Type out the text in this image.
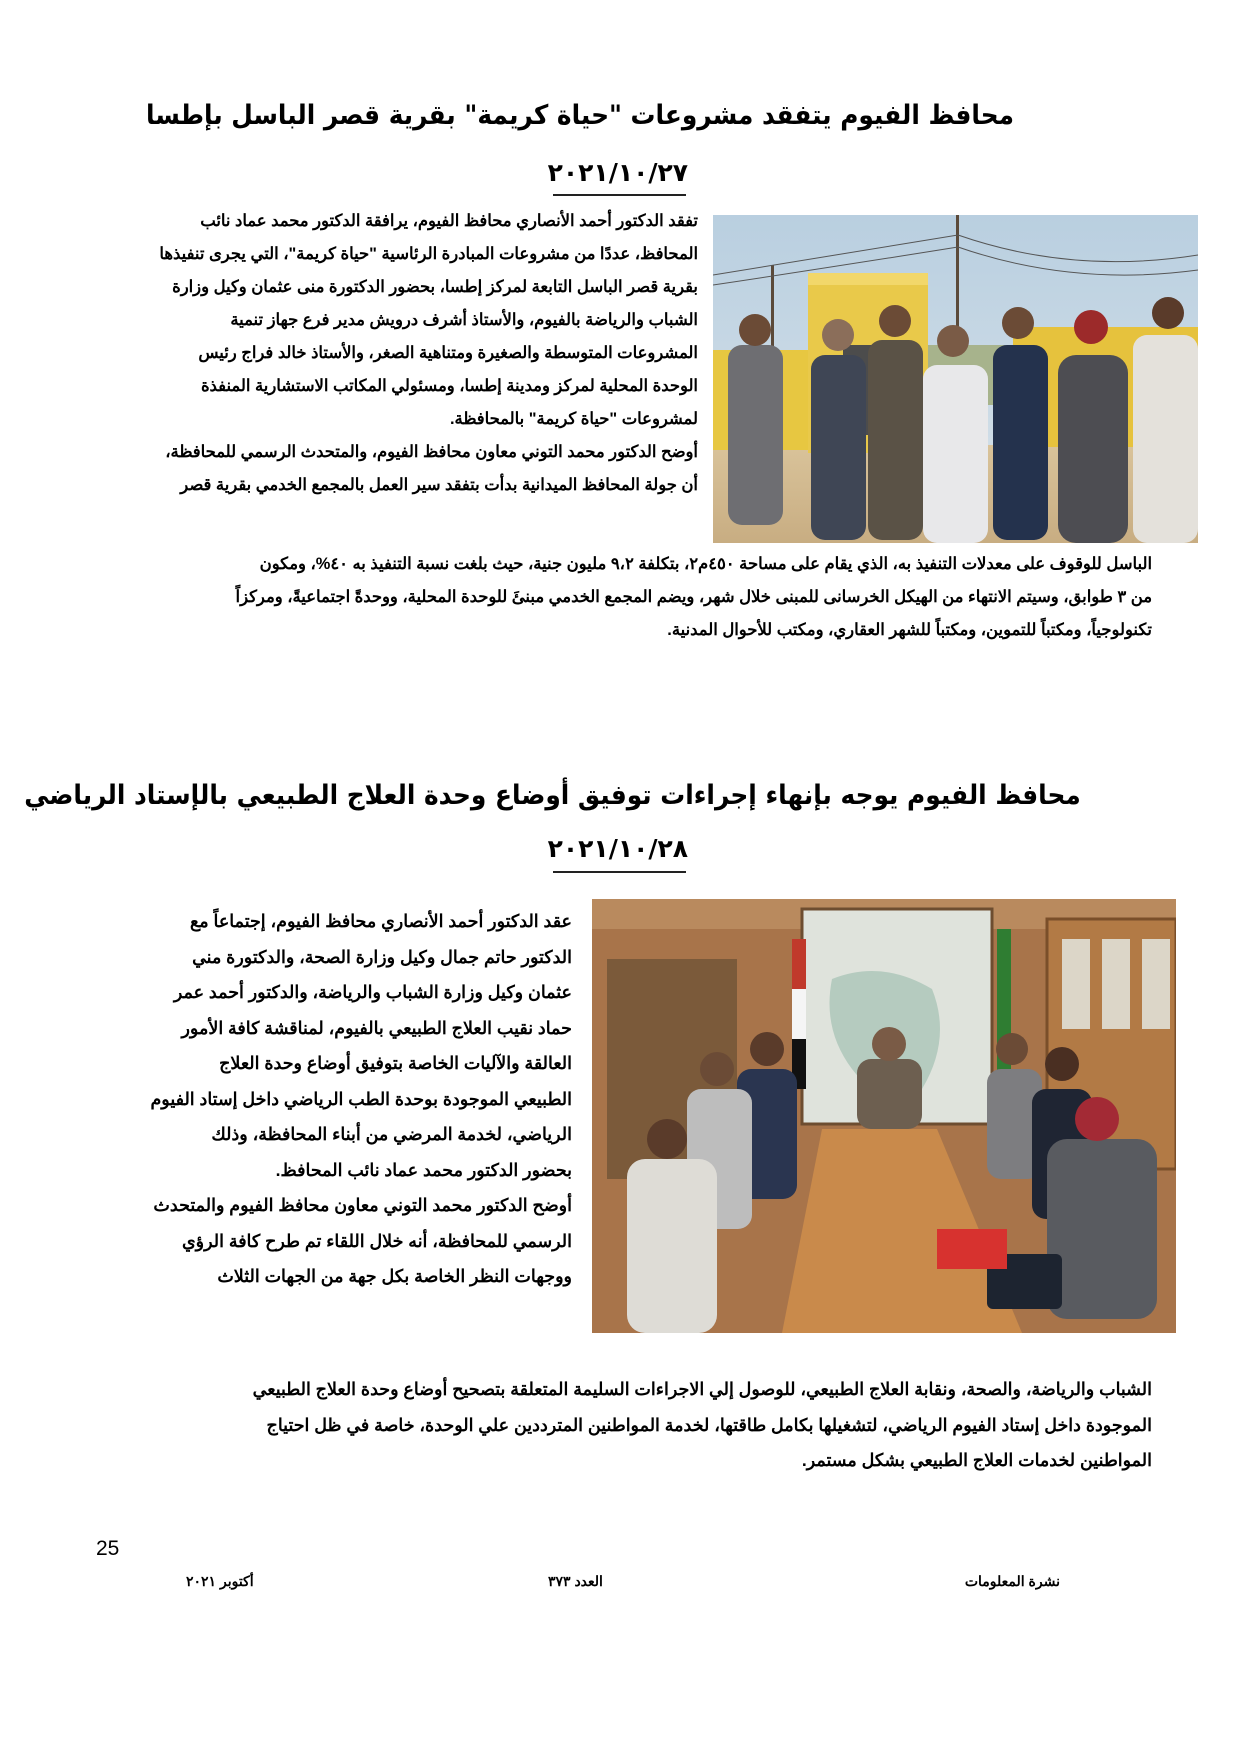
محافظ الفيوم يتفقد مشروعات "حياة كريمة" بقرية قصر الباسل بإطسا
٢٠٢١/١٠/٢٧

تفقد الدكتور أحمد الأنصاري محافظ الفيوم، يرافقة الدكتور محمد عماد نائب

المحافظ، عددًا من مشروعات المبادرة الرئاسية "حياة كريمة"، التي يجرى تنفيذها

بقرية قصر الباسل التابعة لمركز إطسا، بحضور الدكتورة منى عثمان وكيل وزارة

الشباب والرياضة بالفيوم، والأستاذ أشرف درويش مدير فرع جهاز تنمية

المشروعات المتوسطة والصغيرة ومتناهية الصغر، والأستاذ خالد فراج رئيس

الوحدة المحلية لمركز ومدينة إطسا، ومسئولي المكاتب الاستشارية المنفذة

لمشروعات "حياة كريمة" بالمحافظة.

أوضح الدكتور محمد التوني معاون محافظ الفيوم، والمتحدث الرسمي للمحافظة،

أن جولة المحافظ الميدانية بدأت بتفقد سير العمل بالمجمع الخدمي بقرية قصر

الباسل للوقوف على معدلات التنفيذ به، الذي يقام على مساحة ٤٥٠م٢، بتكلفة ٩،٢ مليون جنية، حيث بلغت نسبة التنفيذ به ٤٠%، ومكون

من ٣ طوابق، وسيتم الانتهاء من الهيكل الخرسانى للمبنى خلال شهر، ويضم المجمع الخدمي مبنئَ للوحدة المحلية، ووحدةً اجتماعيةً، ومركزاً

تكنولوجياً، ومكتباً للتموين، ومكتباً للشهر العقاري، ومكتب للأحوال المدنية.

محافظ الفيوم يوجه بإنهاء إجراءات توفيق أوضاع وحدة العلاج الطبيعي بالإستاد الرياضي
٢٠٢١/١٠/٢٨

عقد الدكتور أحمد الأنصاري محافظ الفيوم، إجتماعاً مع

الدكتور حاتم جمال وكيل وزارة الصحة، والدكتورة مني

عثمان وكيل وزارة الشباب والرياضة، والدكتور أحمد عمر

حماد نقيب العلاج الطبيعي بالفيوم، لمناقشة كافة الأمور

العالقة والآليات الخاصة بتوفيق أوضاع وحدة العلاج

الطبيعي الموجودة بوحدة الطب الرياضي داخل إستاد الفيوم

الرياضي، لخدمة المرضي من أبناء المحافظة، وذلك

بحضور الدكتور محمد عماد نائب المحافظ.

أوضح الدكتور محمد التوني معاون محافظ الفيوم والمتحدث

الرسمي للمحافظة، أنه خلال اللقاء تم طرح كافة الرؤي

ووجهات النظر الخاصة بكل جهة من الجهات الثلاث

الشباب والرياضة، والصحة، ونقابة العلاج الطبيعي، للوصول إلي الاجراءات السليمة المتعلقة بتصحيح أوضاع وحدة العلاج الطبيعي

الموجودة داخل إستاد الفيوم الرياضي، لتشغيلها بكامل طاقتها، لخدمة المواطنين المترددين علي الوحدة، خاصة في ظل احتياج

المواطنين لخدمات العلاج الطبيعي بشكل مستمر.

25
نشرة المعلومات
العدد ٣٧٣
أكتوبر ٢٠٢١
